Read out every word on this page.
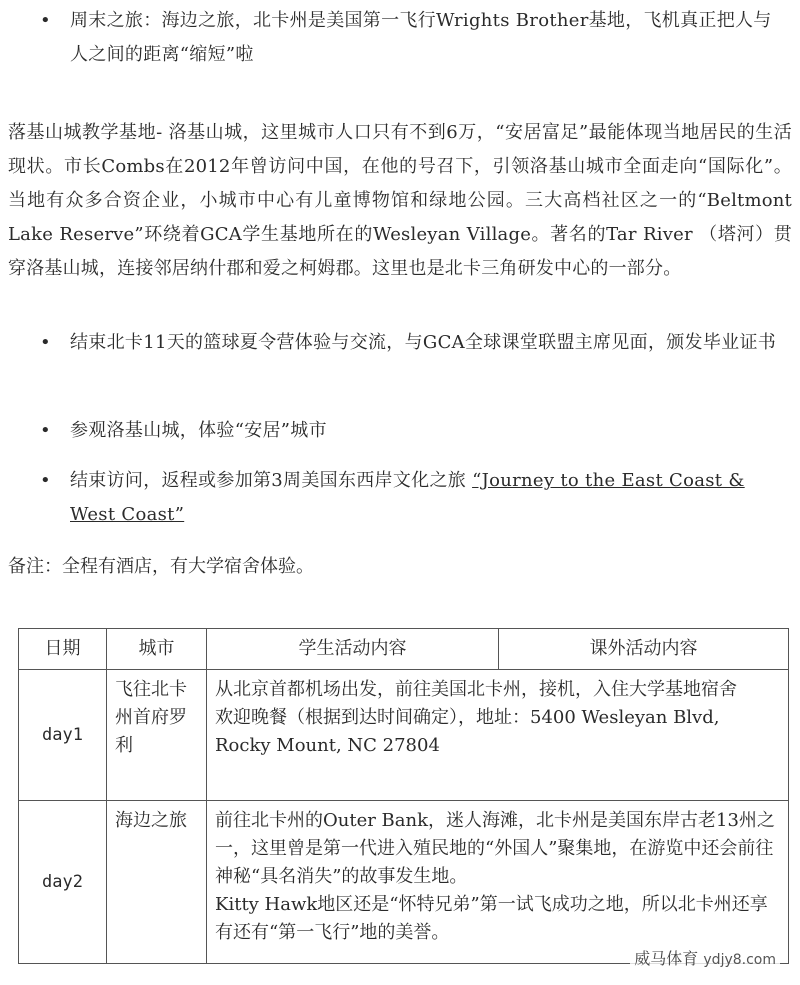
• 周末之旅：海边之旅，北卡州是美国第一飞行Wrights Brother基地，飞机真正把人与人之间的距离“缩短”啦
落基山城教学基地- 洛基山城，这里城市人口只有不到6万，“安居富足”最能体现当地居民的生活现状。市长Combs在2012年曾访问中国，在他的号召下，引领洛基山城市全面走向“国际化”。当地有众多合资企业，小城市中心有儿童博物馆和绿地公园。三大高档社区之一的“Beltmont Lake Reserve”环绕着GCA学生基地所在的Wesleyan Village。著名的Tar River （塔河）贯穿洛基山城，连接邻居纳什郡和爱之柯姆郡。这里也是北卡三角研发中心的一部分。
• 结束北卡11天的篮球夏令营体验与交流，与GCA全球课堂联盟主席见面，颁发毕业证书
• 参观洛基山城，体验“安居”城市
• 结束访问，返程或参加第3周美国东西岸文化之旅 “Journey to the East Coast & West Coast”
备注：全程有酒店，有大学宿舍体验。
日期	城市	学生活动内容	课外活动内容
day1	飞往北卡州首府罗利	从北京首都机场出发，前往美国北卡州，接机，入住大学基地宿舍
欢迎晚餐（根据到达时间确定），地址：5400 Wesleyan Blvd, Rocky Mount, NC 27804	

day2	海边之旅	前往北卡州的Outer Bank，迷人海滩，北卡州是美国东岸古老13州之一，这里曾是第一代进入殖民地的“外国人”聚集地，在游览中还会前往神秘“具名消失”的故事发生地。
Kitty Hawk地区还是“怀特兄弟”第一试飞成功之地，所以北卡州还享有还有“第一飞行”地的美誉。	
威马体育 ydjy8.com
